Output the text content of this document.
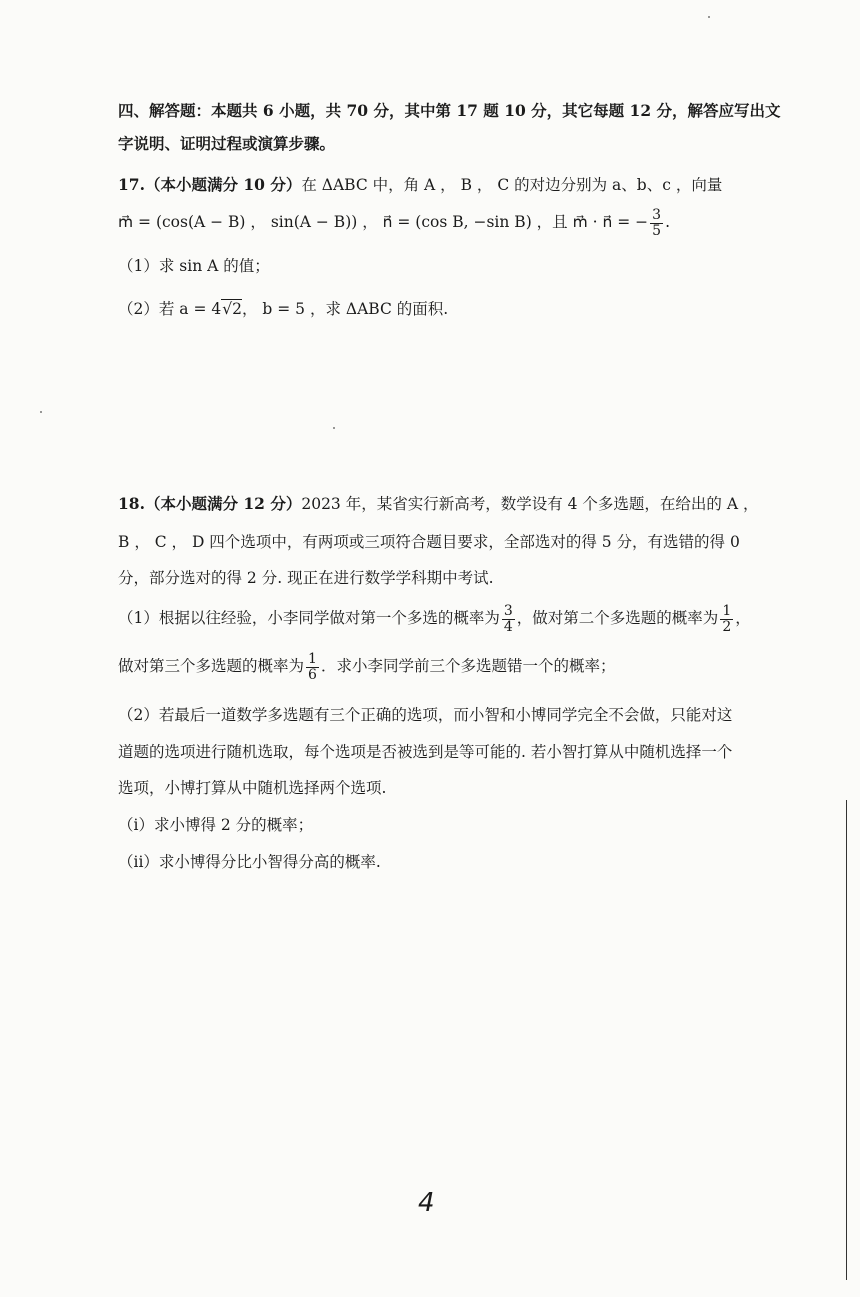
四、解答题：本题共 6 小题，共 70 分，其中第 17 题 10 分，其它每题 12 分，解答应写出文
字说明、证明过程或演算步骤。
17.（本小题满分 10 分）在 ΔABC 中，角 A ， B ， C 的对边分别为 a、b、c ，向量
m⃗ = (cos(A − B) ， sin(A − B)) ， n⃗ = (cos B, −sin B) ，且 m⃗ · n⃗ = − $\frac{3}{5}$ .
（1）求 sin A 的值；
（2）若 a = 4√2， b = 5 ，求 ΔABC 的面积.
18.（本小题满分 12 分）2023 年，某省实行新高考，数学设有 4 个多选题，在给出的 A ，
B ， C ， D 四个选项中，有两项或三项符合题目要求，全部选对的得 5 分，有选错的得 0
分，部分选对的得 2 分. 现正在进行数学学科期中考试.
（1）根据以往经验，小李同学做对第一个多选的概率为 $\frac{3}{4}$ ，做对第二个多选题的概率为 $\frac{1}{2}$ ，
做对第三个多选题的概率为 $\frac{1}{6}$ ．求小李同学前三个多选题错一个的概率；
（2）若最后一道数学多选题有三个正确的选项，而小智和小博同学完全不会做，只能对这
道题的选项进行随机选取，每个选项是否被选到是等可能的. 若小智打算从中随机选择一个
选项，小博打算从中随机选择两个选项.
（i）求小博得 2 分的概率；
（ii）求小博得分比小智得分高的概率.
4
